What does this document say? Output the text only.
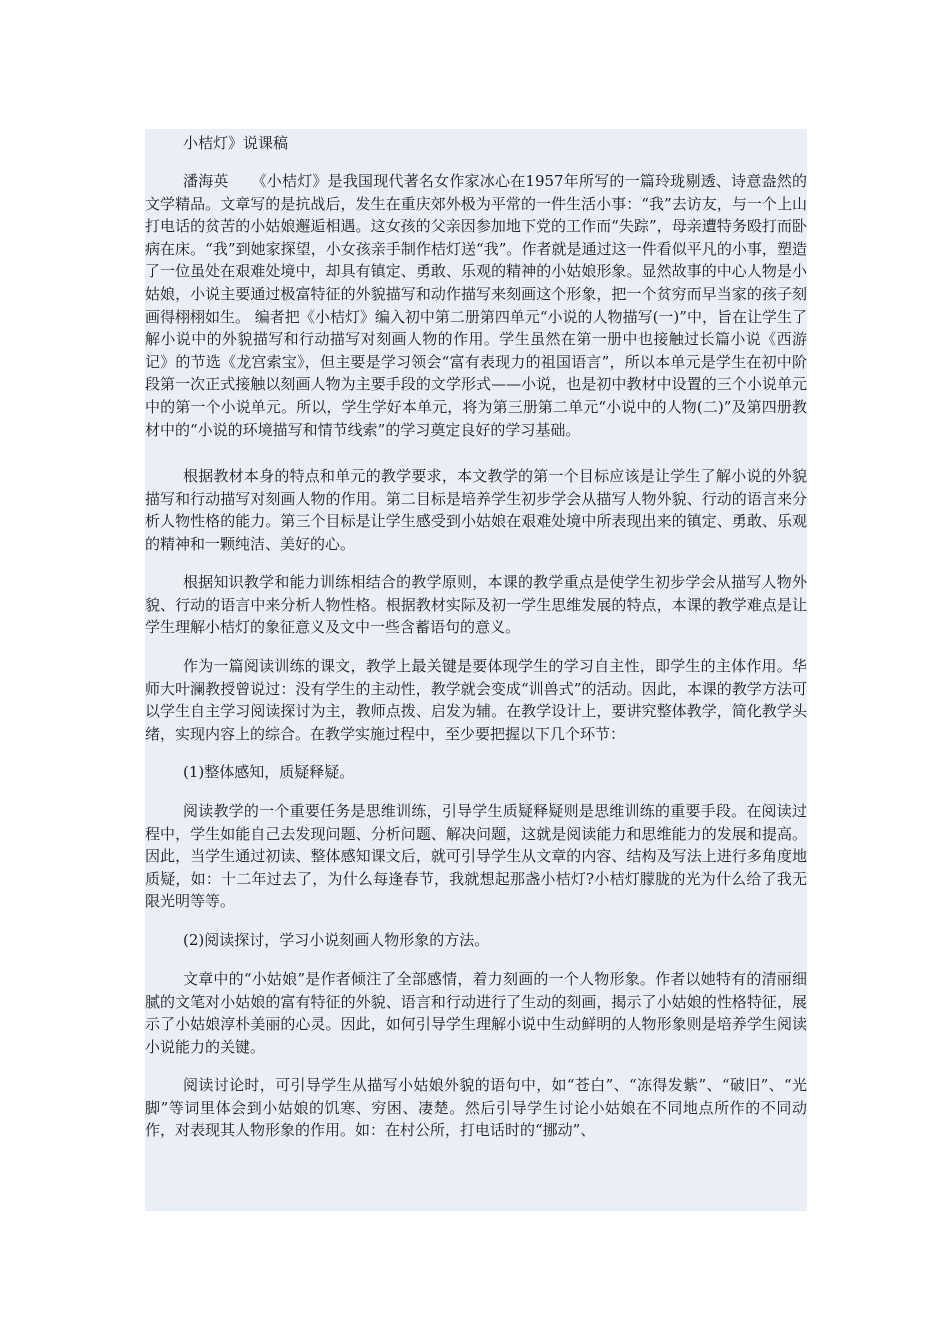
小桔灯》说课稿

潘海英　　《小桔灯》是我国现代著名女作家冰心在1957年所写的一篇玲珑剔透、诗意盎然的文学精品。文章写的是抗战后，发生在重庆郊外极为平常的一件生活小事：“我”去访友，与一个上山打电话的贫苦的小姑娘邂逅相遇。这女孩的父亲因参加地下党的工作而“失踪”，母亲遭特务殴打而卧病在床。“我”到她家探望，小女孩亲手制作桔灯送“我”。作者就是通过这一件看似平凡的小事，塑造了一位虽处在艰难处境中，却具有镇定、勇敢、乐观的精神的小姑娘形象。显然故事的中心人物是小姑娘，小说主要通过极富特征的外貌描写和动作描写来刻画这个形象，把一个贫穷而早当家的孩子刻画得栩栩如生。 编者把《小桔灯》编入初中第二册第四单元“小说的人物描写(一)”中，旨在让学生了解小说中的外貌描写和行动描写对刻画人物的作用。学生虽然在第一册中也接触过长篇小说《西游记》的节选《龙宫索宝》，但主要是学习领会“富有表现力的祖国语言”，所以本单元是学生在初中阶段第一次正式接触以刻画人物为主要手段的文学形式——小说，也是初中教材中设置的三个小说单元中的第一个小说单元。所以，学生学好本单元，将为第三册第二单元“小说中的人物(二)”及第四册教材中的“小说的环境描写和情节线索”的学习奠定良好的学习基础。

根据教材本身的特点和单元的教学要求，本文教学的第一个目标应该是让学生了解小说的外貌描写和行动描写对刻画人物的作用。第二目标是培养学生初步学会从描写人物外貌、行动的语言来分析人物性格的能力。第三个目标是让学生感受到小姑娘在艰难处境中所表现出来的镇定、勇敢、乐观的精神和一颗纯洁、美好的心。

根据知识教学和能力训练相结合的教学原则，本课的教学重点是使学生初步学会从描写人物外貌、行动的语言中来分析人物性格。根据教材实际及初一学生思维发展的特点，本课的教学难点是让学生理解小桔灯的象征意义及文中一些含蓄语句的意义。

作为一篇阅读训练的课文，教学上最关键是要体现学生的学习自主性，即学生的主体作用。华师大叶澜教授曾说过：没有学生的主动性，教学就会变成“训兽式”的活动。因此，本课的教学方法可以学生自主学习阅读探讨为主，教师点拨、启发为辅。在教学设计上，要讲究整体教学，简化教学头绪，实现内容上的综合。在教学实施过程中，至少要把握以下几个环节：

(1)整体感知，质疑释疑。

阅读教学的一个重要任务是思维训练，引导学生质疑释疑则是思维训练的重要手段。在阅读过程中，学生如能自己去发现问题、分析问题、解决问题，这就是阅读能力和思维能力的发展和提高。因此，当学生通过初读、整体感知课文后，就可引导学生从文章的内容、结构及写法上进行多角度地质疑，如：十二年过去了，为什么每逢春节，我就想起那盏小桔灯?小桔灯朦胧的光为什么给了我无限光明等等。

(2)阅读探讨，学习小说刻画人物形象的方法。

文章中的“小姑娘”是作者倾注了全部感情，着力刻画的一个人物形象。作者以她特有的清丽细腻的文笔对小姑娘的富有特征的外貌、语言和行动进行了生动的刻画，揭示了小姑娘的性格特征，展示了小姑娘淳朴美丽的心灵。因此，如何引导学生理解小说中生动鲜明的人物形象则是培养学生阅读小说能力的关键。

阅读讨论时，可引导学生从描写小姑娘外貌的语句中，如“苍白”、“冻得发紫”、“破旧”、“光脚”等词里体会到小姑娘的饥寒、穷困、凄楚。然后引导学生讨论小姑娘在不同地点所作的不同动作，对表现其人物形象的作用。如：在村公所，打电话时的“挪动”、
